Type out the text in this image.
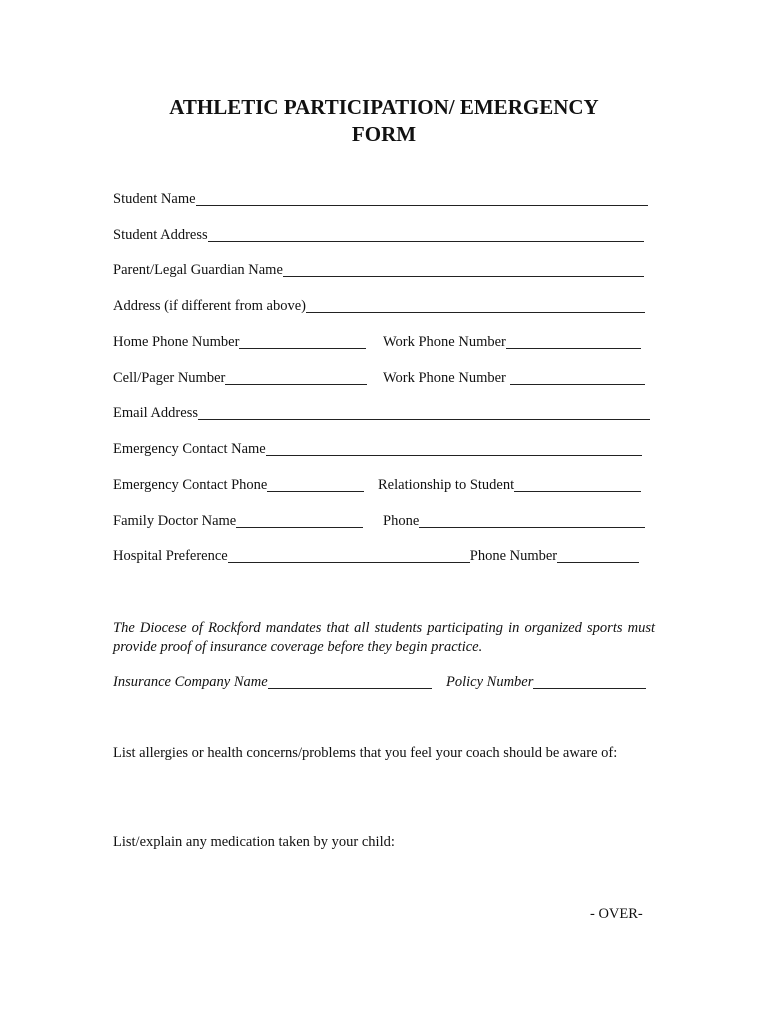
ATHLETIC PARTICIPATION/ EMERGENCY
FORM
Student Name
Student Address
Parent/Legal Guardian Name
Address (if different from above)
Home Phone Number	Work Phone Number
Cell/Pager Number	Work Phone Number
Email Address
Emergency Contact Name
Emergency Contact Phone	Relationship to Student
Family Doctor Name	Phone
Hospital Preference	Phone Number
The Diocese of Rockford mandates that all students participating in organized sports must provide proof of insurance coverage before they begin practice.
Insurance Company Name	Policy Number
List allergies or health concerns/problems that you feel your coach should be aware of:
List/explain any medication taken by your child:
- OVER-
